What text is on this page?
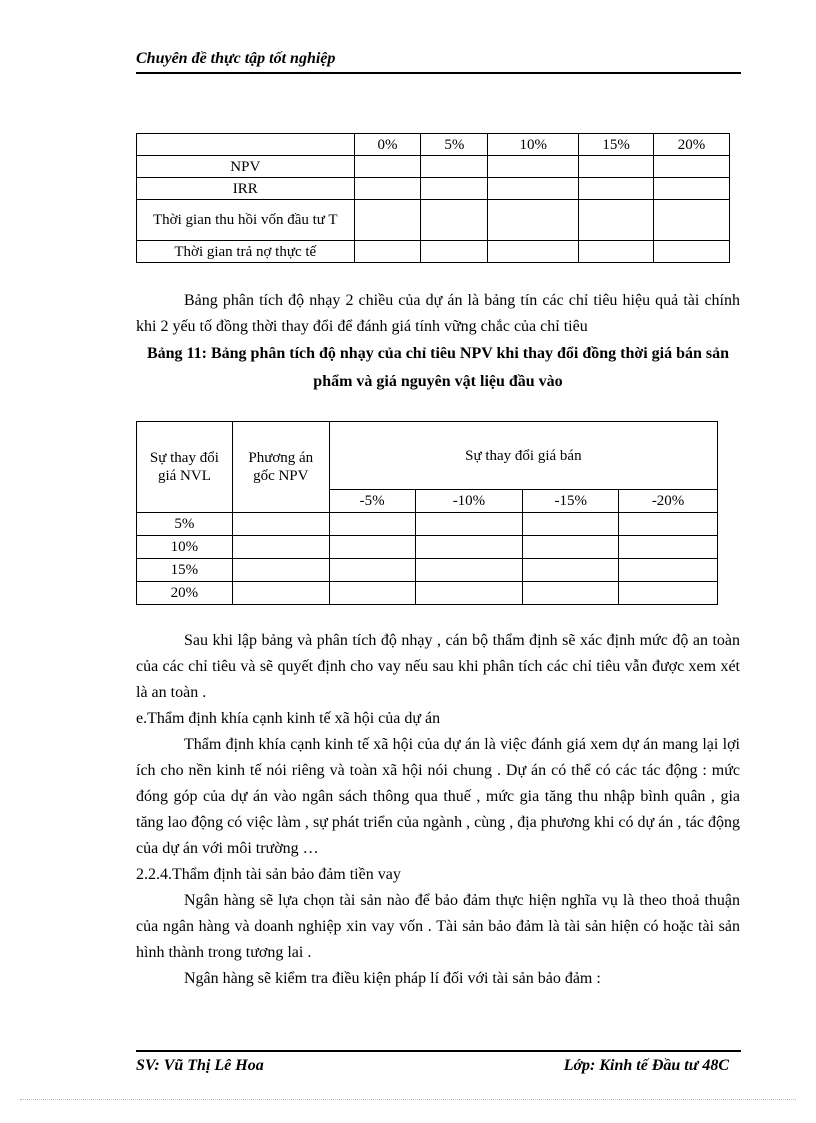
Chuyên đề thực tập tốt nghiệp
	0%	5%	10%	15%	20%
NPV					
IRR					
Thời gian thu hồi vốn đầu tư T					
Thời gian trả nợ thực tế					
Bảng phân tích độ nhạy 2 chiều của dự án là bảng tín các chỉ tiêu hiệu quả tài chính khi 2 yếu tố đồng thời thay đổi để đánh giá tính vững chắc của chỉ tiêu
Bảng 11: Bảng phân tích độ nhạy của chỉ tiêu NPV khi thay đổi đồng thời giá bán sản phẩm và giá nguyên vật liệu đầu vào
Sự thay đổi giá NVL	Phương án gốc NPV	Sự thay đổi giá bán			
		-5%	-10%	-15%	-20%
5%					
10%					
15%					
20%					
Sau khi lập bảng và phân tích độ nhạy , cán bộ thẩm định sẽ xác định mức độ an toàn của các chỉ tiêu và sẽ quyết định cho vay nếu sau khi phân tích các chỉ tiêu vẫn được xem xét là an toàn .
e.Thẩm định khía cạnh kinh tế xã hội của dự án
Thẩm định khía cạnh kinh tế xã hội của dự án là việc đánh giá xem dự án mang lại lợi ích cho nền kinh tế nói riêng và toàn xã hội nói chung . Dự án có thể có các tác động : mức đóng góp của dự án vào ngân sách thông qua thuế , mức gia tăng thu nhập bình quân , gia tăng lao động có việc làm , sự phát triển của ngành , cùng , địa phương khi có dự án , tác động của dự án với môi trường …
2.2.4.Thẩm định tài sản bảo đảm tiền vay
Ngân hàng sẽ lựa chọn tài sản nào để bảo đảm thực hiện nghĩa vụ là theo thoả thuận của ngân hàng và doanh nghiệp xin vay vốn . Tài sản bảo đảm là tài sản hiện có hoặc tài sản hình thành trong tương lai .
Ngân hàng sẽ kiểm tra điều kiện pháp lí đối với tài sản bảo đảm :
SV: Vũ Thị Lê Hoa	Lớp: Kinh tế Đầu tư 48C
